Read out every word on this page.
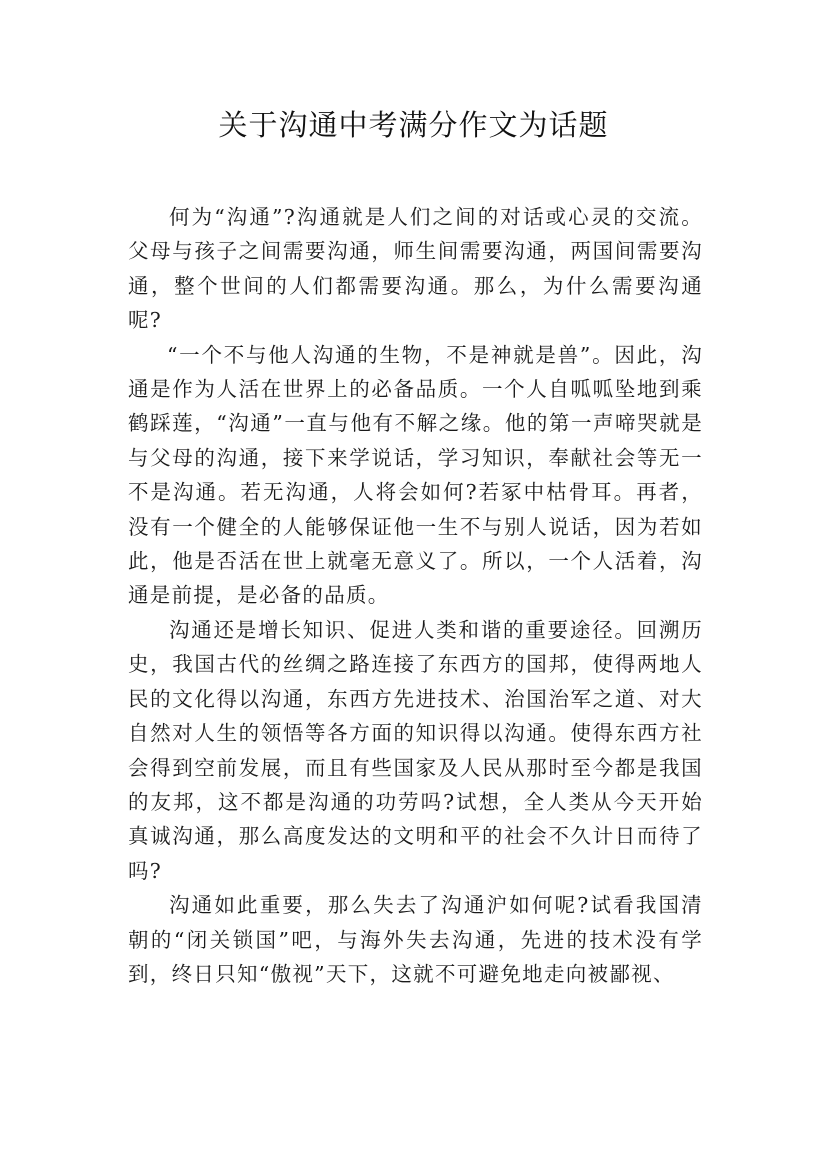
关于沟通中考满分作文为话题

何为“沟通”?沟通就是人们之间的对话或心灵的交流。父母与孩子之间需要沟通，师生间需要沟通，两国间需要沟通，整个世间的人们都需要沟通。那么，为什么需要沟通呢?

“一个不与他人沟通的生物，不是神就是兽”。因此，沟通是作为人活在世界上的必备品质。一个人自呱呱坠地到乘鹤踩莲，“沟通”一直与他有不解之缘。他的第一声啼哭就是与父母的沟通，接下来学说话，学习知识，奉献社会等无一不是沟通。若无沟通，人将会如何?若冢中枯骨耳。再者，没有一个健全的人能够保证他一生不与别人说话，因为若如此，他是否活在世上就毫无意义了。所以，一个人活着，沟通是前提，是必备的品质。

沟通还是增长知识、促进人类和谐的重要途径。回溯历史，我国古代的丝绸之路连接了东西方的国邦，使得两地人民的文化得以沟通，东西方先进技术、治国治军之道、对大自然对人生的领悟等各方面的知识得以沟通。使得东西方社会得到空前发展，而且有些国家及人民从那时至今都是我国的友邦，这不都是沟通的功劳吗?试想，全人类从今天开始真诚沟通，那么高度发达的文明和平的社会不久计日而待了吗?

沟通如此重要，那么失去了沟通沪如何呢?试看我国清朝的“闭关锁国”吧，与海外失去沟通，先进的技术没有学到，终日只知“傲视”天下，这就不可避免地走向被鄙视、
